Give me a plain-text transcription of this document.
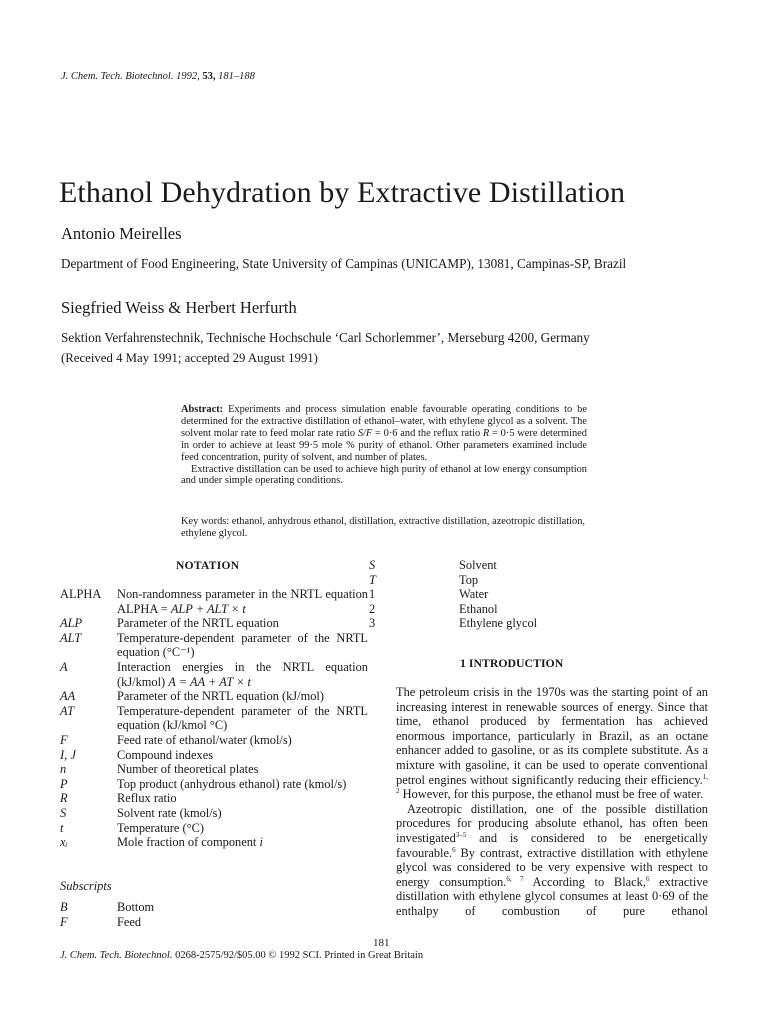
J. Chem. Tech. Biotechnol. 1992, 53, 181–188
Ethanol Dehydration by Extractive Distillation
Antonio Meirelles
Department of Food Engineering, State University of Campinas (UNICAMP), 13081, Campinas-SP, Brazil
Siegfried Weiss & Herbert Herfurth
Sektion Verfahrenstechnik, Technische Hochschule ‘Carl Schorlemmer’, Merseburg 4200, Germany
(Received 4 May 1991; accepted 29 August 1991)

Abstract: Experiments and process simulation enable favourable operating conditions to be determined for the extractive distillation of ethanol–water, with ethylene glycol as a solvent. The solvent molar rate to feed molar rate ratio S/F = 0·6 and the reflux ratio R = 0·5 were determined in order to achieve at least 99·5 mole % purity of ethanol. Other parameters examined include feed concentration, purity of solvent, and number of plates.

Extractive distillation can be used to achieve high purity of ethanol at low energy consumption and under simple operating conditions.

Key words: ethanol, anhydrous ethanol, distillation, extractive distillation, azeotropic distillation, ethylene glycol.
NOTATION
ALPHA	Non-randomness parameter in the NRTL equation ALPHA = ALP + ALT × t
ALP	Parameter of the NRTL equation
ALT	Temperature-dependent parameter of the NRTL equation (°C⁻¹)
A	Interaction energies in the NRTL equation (kJ/kmol) A = AA + AT × t
AA	Parameter of the NRTL equation (kJ/mol)
AT	Temperature-dependent parameter of the NRTL equation (kJ/kmol °C)
F	Feed rate of ethanol/water (kmol/s)
I, J	Compound indexes
n	Number of theoretical plates
P	Top product (anhydrous ethanol) rate (kmol/s)
R	Reflux ratio
S	Solvent rate (kmol/s)
t	Temperature (°C)
xᵢ	Mole fraction of component i
Subscripts
B	Bottom
F	Feed
S	Solvent
T	Top
1	Water
2	Ethanol
3	Ethylene glycol
1 INTRODUCTION

The petroleum crisis in the 1970s was the starting point of an increasing interest in renewable sources of energy. Since that time, ethanol produced by fermentation has achieved enormous importance, particularly in Brazil, as an octane enhancer added to gasoline, or as its complete substitute. As a mixture with gasoline, it can be used to operate conventional petrol engines without significantly reducing their efficiency.$^{1, 2}$ However, for this purpose, the ethanol must be free of water.

Azeotropic distillation, one of the possible distillation procedures for producing absolute ethanol, has often been investigated$^{3-5}$ and is considered to be energetically favourable.$^6$ By contrast, extractive distillation with ethylene glycol was considered to be very expensive with respect to energy consumption.$^{6, 7}$ According to Black,$^6$ extractive distillation with ethylene glycol consumes at least 0·69 of the enthalpy of combustion of pure ethanol

181
J. Chem. Tech. Biotechnol. 0268-2575/92/$05.00 © 1992 SCI. Printed in Great Britain
